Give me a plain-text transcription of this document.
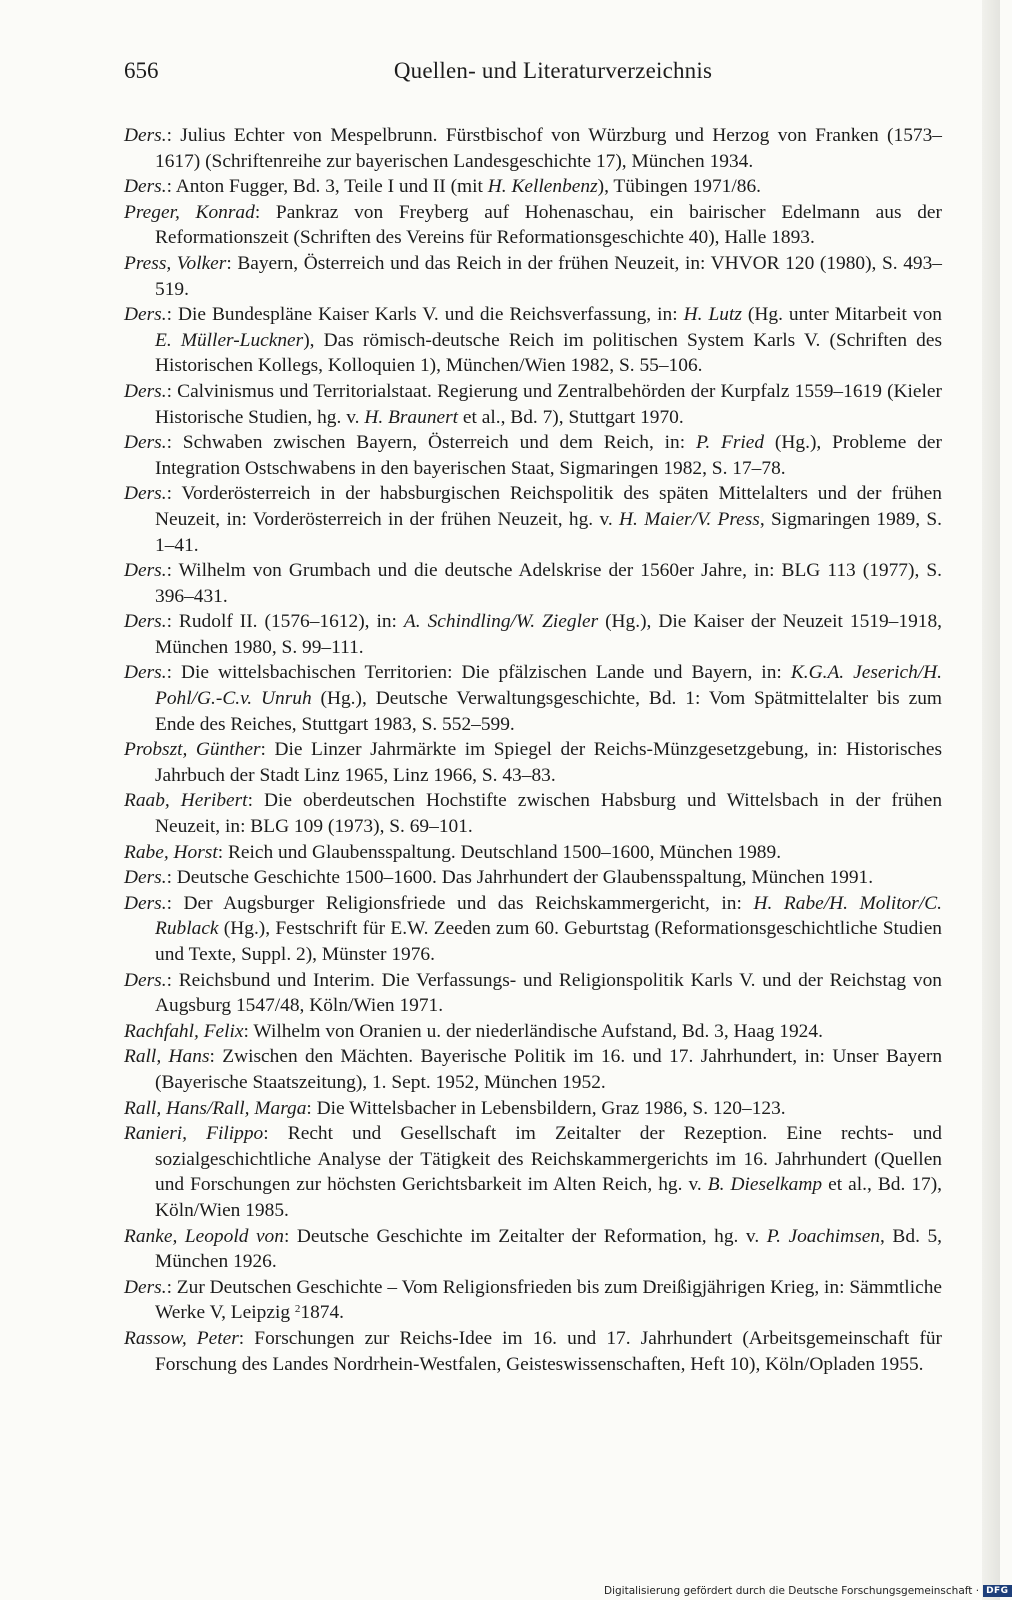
656	Quellen- und Literaturverzeichnis

Ders.: Julius Echter von Mespelbrunn. Fürstbischof von Würzburg und Herzog von Franken (1573–1617) (Schriftenreihe zur bayerischen Landesgeschichte 17), München 1934.

Ders.: Anton Fugger, Bd. 3, Teile I und II (mit H. Kellenbenz), Tübingen 1971/86.

Preger, Konrad: Pankraz von Freyberg auf Hohenaschau, ein bairischer Edelmann aus der Reformationszeit (Schriften des Vereins für Reformationsgeschichte 40), Halle 1893.

Press, Volker: Bayern, Österreich und das Reich in der frühen Neuzeit, in: VHVOR 120 (1980), S. 493–519.

Ders.: Die Bundespläne Kaiser Karls V. und die Reichsverfassung, in: H. Lutz (Hg. unter Mitarbeit von E. Müller-Luckner), Das römisch-deutsche Reich im politischen System Karls V. (Schriften des Historischen Kollegs, Kolloquien 1), München/Wien 1982, S. 55–106.

Ders.: Calvinismus und Territorialstaat. Regierung und Zentralbehörden der Kurpfalz 1559–1619 (Kieler Historische Studien, hg. v. H. Braunert et al., Bd. 7), Stuttgart 1970.

Ders.: Schwaben zwischen Bayern, Österreich und dem Reich, in: P. Fried (Hg.), Probleme der Integration Ostschwabens in den bayerischen Staat, Sigmaringen 1982, S. 17–78.

Ders.: Vorderösterreich in der habsburgischen Reichspolitik des späten Mittelalters und der frühen Neuzeit, in: Vorderösterreich in der frühen Neuzeit, hg. v. H. Maier/V. Press, Sigmaringen 1989, S. 1–41.

Ders.: Wilhelm von Grumbach und die deutsche Adelskrise der 1560er Jahre, in: BLG 113 (1977), S. 396–431.

Ders.: Rudolf II. (1576–1612), in: A. Schindling/W. Ziegler (Hg.), Die Kaiser der Neuzeit 1519–1918, München 1980, S. 99–111.

Ders.: Die wittelsbachischen Territorien: Die pfälzischen Lande und Bayern, in: K.G.A. Jeserich/H. Pohl/G.-C.v. Unruh (Hg.), Deutsche Verwaltungsgeschichte, Bd. 1: Vom Spätmittelalter bis zum Ende des Reiches, Stuttgart 1983, S. 552–599.

Probszt, Günther: Die Linzer Jahrmärkte im Spiegel der Reichs-Münzgesetzgebung, in: Historisches Jahrbuch der Stadt Linz 1965, Linz 1966, S. 43–83.

Raab, Heribert: Die oberdeutschen Hochstifte zwischen Habsburg und Wittelsbach in der frühen Neuzeit, in: BLG 109 (1973), S. 69–101.

Rabe, Horst: Reich und Glaubensspaltung. Deutschland 1500–1600, München 1989.

Ders.: Deutsche Geschichte 1500–1600. Das Jahrhundert der Glaubensspaltung, München 1991.

Ders.: Der Augsburger Religionsfriede und das Reichskammergericht, in: H. Rabe/H. Molitor/C. Rublack (Hg.), Festschrift für E.W. Zeeden zum 60. Geburtstag (Reformationsgeschichtliche Studien und Texte, Suppl. 2), Münster 1976.

Ders.: Reichsbund und Interim. Die Verfassungs- und Religionspolitik Karls V. und der Reichstag von Augsburg 1547/48, Köln/Wien 1971.

Rachfahl, Felix: Wilhelm von Oranien u. der niederländische Aufstand, Bd. 3, Haag 1924.

Rall, Hans: Zwischen den Mächten. Bayerische Politik im 16. und 17. Jahrhundert, in: Unser Bayern (Bayerische Staatszeitung), 1. Sept. 1952, München 1952.

Rall, Hans/Rall, Marga: Die Wittelsbacher in Lebensbildern, Graz 1986, S. 120–123.

Ranieri, Filippo: Recht und Gesellschaft im Zeitalter der Rezeption. Eine rechts- und sozialgeschichtliche Analyse der Tätigkeit des Reichskammergerichts im 16. Jahrhundert (Quellen und Forschungen zur höchsten Gerichtsbarkeit im Alten Reich, hg. v. B. Dieselkamp et al., Bd. 17), Köln/Wien 1985.

Ranke, Leopold von: Deutsche Geschichte im Zeitalter der Reformation, hg. v. P. Joachimsen, Bd. 5, München 1926.

Ders.: Zur Deutschen Geschichte – Vom Religionsfrieden bis zum Dreißigjährigen Krieg, in: Sämmtliche Werke V, Leipzig $^2$1874.

Rassow, Peter: Forschungen zur Reichs-Idee im 16. und 17. Jahrhundert (Arbeitsgemeinschaft für Forschung des Landes Nordrhein-Westfalen, Geisteswissenschaften, Heft 10), Köln/Opladen 1955.

Digitalisierung gefördert durch die Deutsche Forschungsgemeinschaft · DFG
